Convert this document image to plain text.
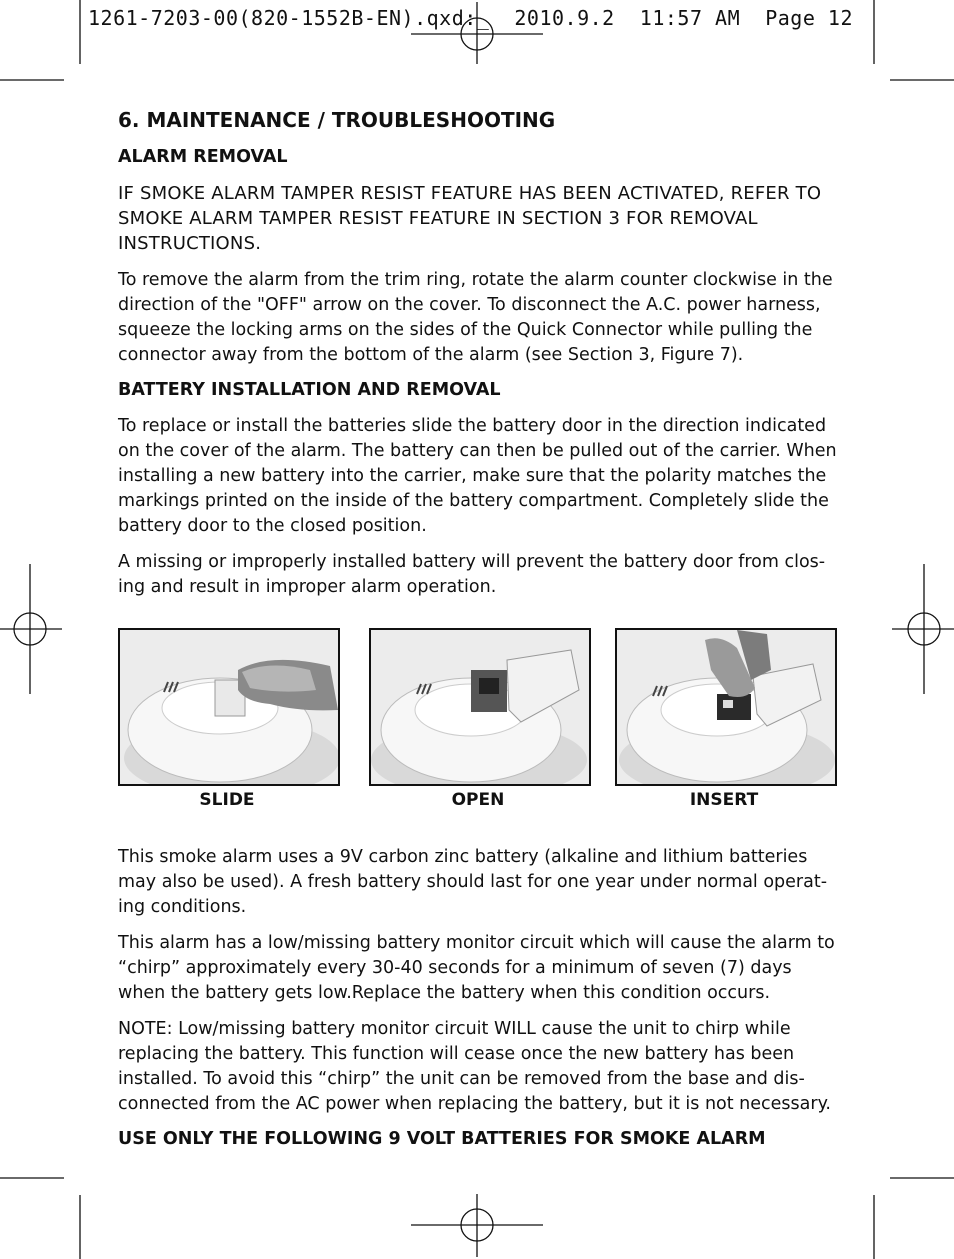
1261-7203-00(820-1552B-EN).qxd:_  2010.9.2  11:57 AM  Page 12
6. MAINTENANCE / TROUBLESHOOTING
ALARM REMOVAL
IF SMOKE ALARM TAMPER RESIST FEATURE HAS BEEN ACTIVATED, REFER TO SMOKE ALARM TAMPER RESIST FEATURE IN SECTION 3 FOR REMOVAL INSTRUCTIONS.

To remove the alarm from the trim ring, rotate the alarm counter clockwise in the direction of the "OFF" arrow on the cover. To disconnect the A.C. power harness, squeeze the locking arms on the sides of the Quick Connector while pulling the connector away from the bottom of the alarm (see Section 3, Figure 7).

BATTERY INSTALLATION AND REMOVAL

To replace or install the batteries slide the battery door in the direction indicated on the cover of the alarm. The battery can then be pulled out of the carrier. When installing a new battery into the carrier, make sure that the polarity matches the markings printed on the inside of the battery compartment. Completely slide the battery door to the closed position.

A missing or improperly installed battery will prevent the battery door from clos-ing and result in improper alarm operation.

SLIDE	OPEN	INSERT

This smoke alarm uses a 9V carbon zinc battery (alkaline and lithium batteries may also be used). A fresh battery should last for one year under normal operat-ing conditions.

This alarm has a low/missing battery monitor circuit which will cause the alarm to “chirp” approximately every 30-40 seconds for a minimum of seven (7) days when the battery gets low.Replace the battery when this condition occurs.

NOTE: Low/missing battery monitor circuit WILL cause the unit to chirp while replacing the battery. This function will cease once the new battery has been installed. To avoid this “chirp” the unit can be removed from the base and dis-connected from the AC power when replacing the battery, but it is not necessary.

USE ONLY THE FOLLOWING 9 VOLT BATTERIES FOR SMOKE ALARM
